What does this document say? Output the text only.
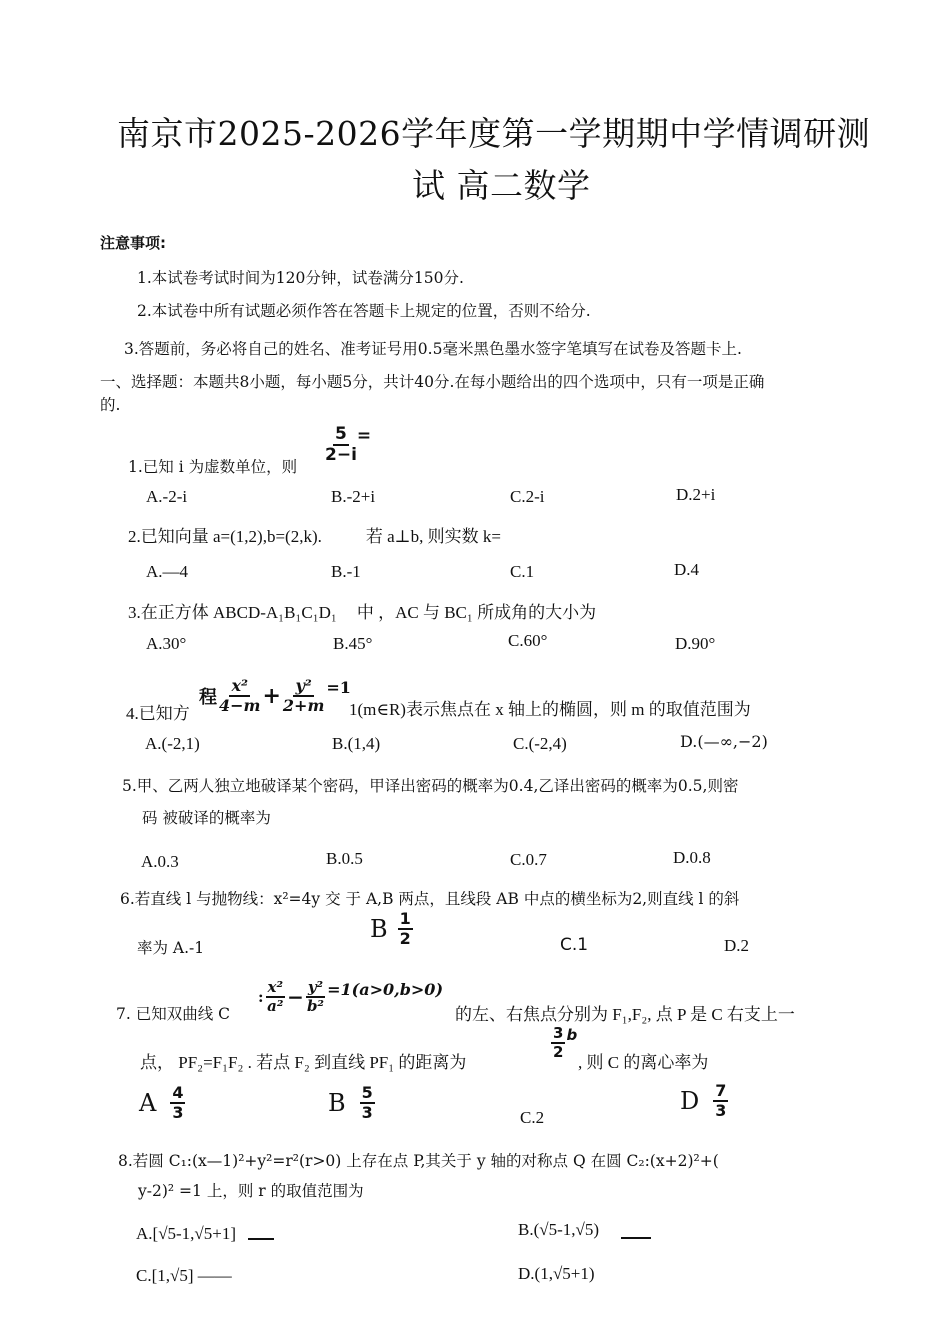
南京市2025-2026学年度第一学期期中学情调研测
试 高二数学
注意事项:
1.本试卷考试时间为120分钟，试卷满分150分.
2.本试卷中所有试题必须作答在答题卡上规定的位置，否则不给分.
3.答题前，务必将自己的姓名、准考证号用0.5毫米黑色墨水签字笔填写在试卷及答题卡上.
一、选择题：本题共8小题，每小题5分，共计40分.在每小题给出的四个选项中，只有一项是正确
的.
1.已知 i 为虚数单位，则
$\frac{5}{2-i}$ =
A.-2-i	B.-2+i	C.2-i	D.2+i
2.已知向量 a=(1,2),b=(2,k).	若 a⊥b, 则实数 k=
A.—4	B.-1	C.1	D.4
3.在正方体 ABCD-A₁B₁C₁D₁ 中 ，AC 与 BC₁ 所成角的大小为
A.30°	B.45°	C.60°	D.90°
4.已知方
程 $\frac{\text{x²}}{4-m} + \frac{\text{y²}}{2+m} =1$
1(m∈R)表示焦点在 x 轴上的椭圆，则 m 的取值范围为
A.(-2,1)	B.(1,4)	C.(-2,4)	D.(—∞,−2)
5.甲、乙两人独立地破译某个密码，甲译出密码的概率为0.4,乙译出密码的概率为0.5,则密
码 被破译的概率为
A.0.3	B.0.5	C.0.7	D.0.8
6.若直线 l 与抛物线：x²=4y 交 于 A,B 两点，且线段 AB 中点的横坐标为2,则直线 l 的斜
率为 A.-1
B $\frac{1}{2}$	C.1	D.2
7. 已知双曲线 C
: $\frac{\text{x²}}{\text{a²}} - \frac{\text{y²}}{\text{b²}} =1(a>0,b>0)$
的左、右焦点分别为 F₁,F₂, 点 P 是 C 右支上一
点， PF₂=F₁F₂ . 若点 F₂ 到直线 PF₁ 的距离为
$\frac{3}{2}$ b
, 则 C 的离心率为
A $\frac{4}{3}$	B $\frac{5}{3}$	C.2
D $\frac{7}{3}$
8.若圆 C₁:(x—1)²+y²=r²(r>0) 上存在点 P,其关于 y 轴的对称点 Q 在圆 C₂:(x+2)²+(
y-2)² =1 上，则 r 的取值范围为
A.[√5-1,√5+1]	B.(√5-1,√5)
C.[1,√5] ——	D.(1,√5+1)
